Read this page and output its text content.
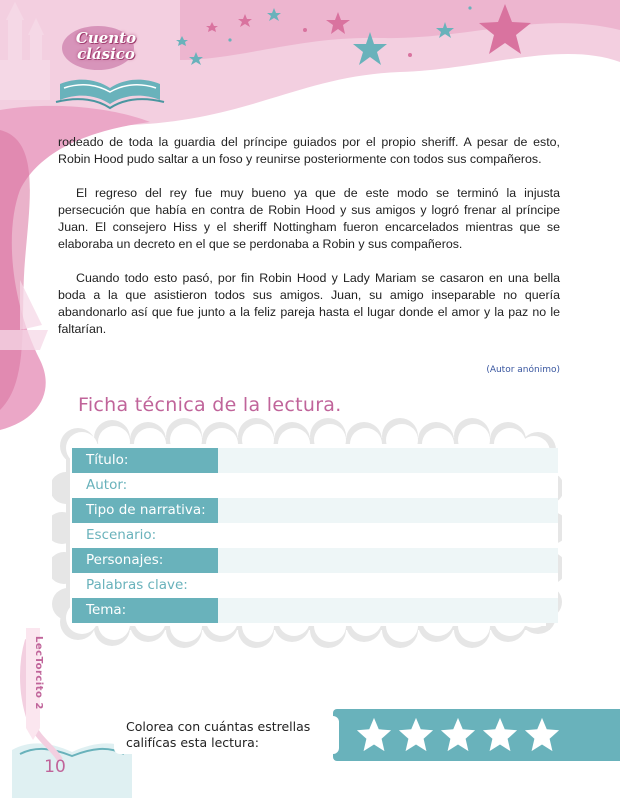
Cuento
clásico

rodeado de toda la guardia del príncipe guiados por el propio sheriff. A pesar de esto, Robin Hood pudo saltar a un foso y reunirse posteriormente con todos sus compañeros.

El regreso del rey fue muy bueno ya que de este modo se terminó la injusta persecución que había en contra de Robin Hood y sus amigos y logró frenar al príncipe Juan. El consejero Hiss y el sheriff Nottingham fueron encarcelados mientras que se elaboraba un decreto en el que se perdonaba a Robin y sus compañeros.

Cuando todo esto pasó, por fin Robin Hood y Lady Mariam se casaron en una bella boda a la que asistieron todos sus amigos. Juan, su amigo inseparable no quería abandonarlo así que fue junto a la feliz pareja hasta el lugar donde el amor y la paz no le faltarían.

(Autor anónimo)
Ficha técnica de la lectura.
Título:
Autor:
Tipo de narrativa:
Escenario:
Personajes:
Palabras clave:
Tema:
Colorea con cuántas estrellas
califícas esta lectura:
LecTorcito 2
10
